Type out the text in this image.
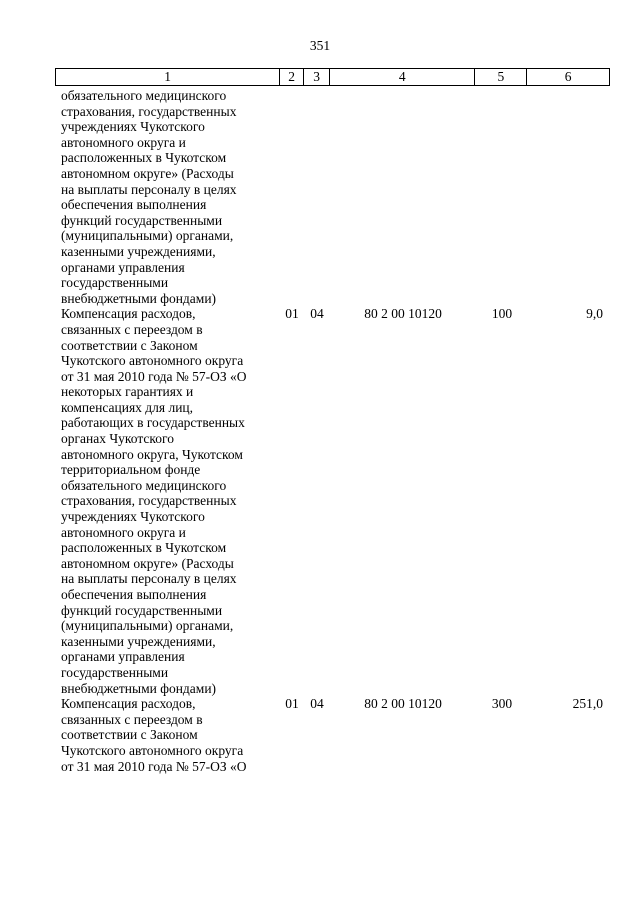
351
1	2	3	4	5	6
обязательного медицинского
страхования, государственных
учреждениях Чукотского
автономного округа и
расположенных в Чукотском
автономном округе» (Расходы
на выплаты персоналу в целях
обеспечения выполнения
функций государственными
(муниципальными) органами,
казенными учреждениями,
органами управления
государственными
внебюджетными фондами)
Компенсация расходов,
связанных с переездом в
соответствии с Законом
Чукотского автономного округа
от 31 мая 2010 года № 57-ОЗ «О
некоторых гарантиях и
компенсациях для лиц,
работающих в государственных
органах Чукотского
автономного округа, Чукотском
территориальном фонде
обязательного медицинского
страхования, государственных
учреждениях Чукотского
автономного округа и
расположенных в Чукотском
автономном округе» (Расходы
на выплаты персоналу в целях
обеспечения выполнения
функций государственными
(муниципальными) органами,
казенными учреждениями,
органами управления
государственными
внебюджетными фондами)
01 04	80 2 00 10120	100	9,0
Компенсация расходов,
связанных с переездом в
соответствии с Законом
Чукотского автономного округа
от 31 мая 2010 года № 57-ОЗ «О
01 04	80 2 00 10120	300	251,0
